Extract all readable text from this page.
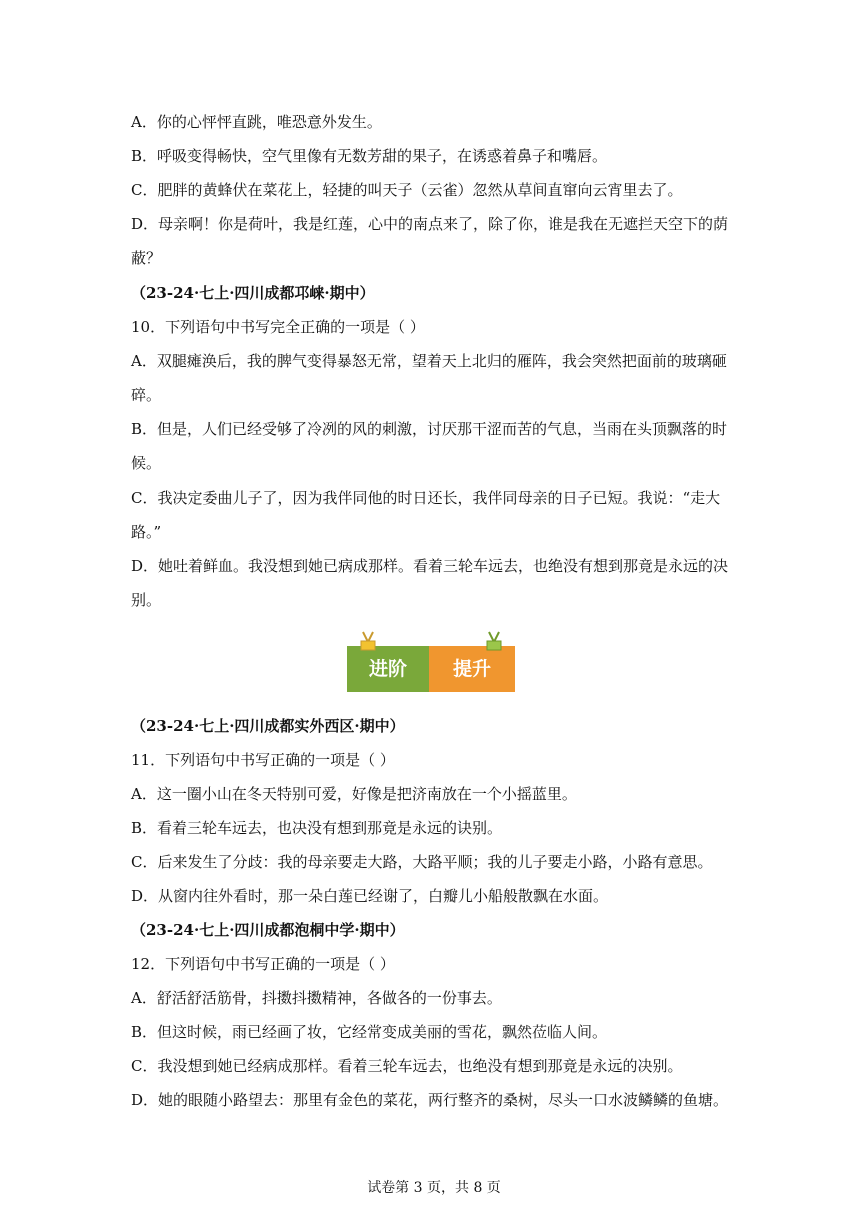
A．你的心怦怦直跳，唯恐意外发生。
B．呼吸变得畅快，空气里像有无数芳甜的果子，在诱惑着鼻子和嘴唇。
C．肥胖的黄蜂伏在菜花上，轻捷的叫天子（云雀）忽然从草间直窜向云宵里去了。
D．母亲啊！你是荷叶，我是红莲，心中的南点来了，除了你，谁是我在无遮拦天空下的荫
蔽？
（23-24·七上·四川成都邛崃·期中）
10．下列语句中书写完全正确的一项是（ ）
A．双腿瘫涣后，我的脾气变得暴怒无常，望着天上北归的雁阵，我会突然把面前的玻璃砸
碎。
B．但是，人们已经受够了冷冽的风的刺激，讨厌那干涩而苦的气息，当雨在头顶飘落的时
候。
C．我决定委曲儿子了，因为我伴同他的时日还长，我伴同母亲的日子已短。我说：“走大
路。”
D．她吐着鲜血。我没想到她已病成那样。看着三轮车远去，也绝没有想到那竟是永远的决
别。
进阶	提升
（23-24·七上·四川成都实外西区·期中）
11．下列语句中书写正确的一项是（ ）
A．这一圈小山在冬天特别可爱，好像是把济南放在一个小摇蓝里。
B．看着三轮车远去，也决没有想到那竟是永远的诀别。
C．后来发生了分歧：我的母亲要走大路，大路平顺；我的儿子要走小路，小路有意思。
D．从窗内往外看时，那一朵白莲已经谢了，白瓣儿小船般散飘在水面。
（23-24·七上·四川成都泡桐中学·期中）
12．下列语句中书写正确的一项是（ ）
A．舒活舒活筋骨，抖擞抖擞精神，各做各的一份事去。
B．但这时候，雨已经画了妆，它经常变成美丽的雪花，飘然莅临人间。
C．我没想到她已经病成那样。看着三轮车远去，也绝没有想到那竟是永远的决别。
D．她的眼随小路望去：那里有金色的菜花，两行整齐的桑树，尽头一口水波鳞鳞的鱼塘。
试卷第 3 页，共 8 页
